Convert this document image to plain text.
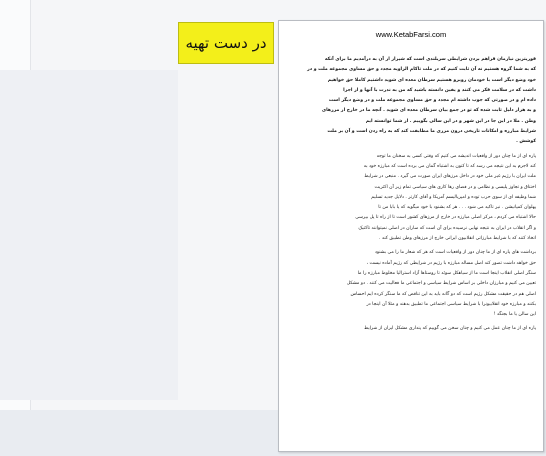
در دست تهیه	www.KetabFarsi.com
فوریترین نیازمان فراهم بردن شرایطی سربلندی است که شیراز از آن به درآمدیم ما برای آنکه
که به شما گروه هستیم نه آن ثابت کنیم که در ملت تاکام الزاویه مجدد و حق مساوی مجموعه ملت و در
خود وضع دیگر است با خودمان روبرو هستیم سرطان معده ای شوید داشتیم کاملا حق خواهیم
داشت که در سلامت فکر می کنند و یقین دانسته باشید که من به ندرت با آنها و از اجرا
داده ام و در صورتی که جوب داشته ام مجدد و حق مساوی مجموعه ملت و در وضع دیگر است
و به هزار دلیل ثابت شده که تو در جمع بیان سرطان معده ای شوید . آنچه ما در خارج از مرزهای
وطن . ملا در این جا در این شهر و در این سالی بگوییم . از شما توانسته ایم
شرایط مبارزه و امکانات تاریخی درون مرزی ما مطابقت کند که به راه زدن است و آن بر ملت
کوشش .
پاره ای از ما چنان دور از واقعیات اندیشه می کنیم که وقتی کسی به سخنان ما توجه
کند لاجرم به این نتیجه می رسد که تا کنون به اشتباه گمان می برده است که مبارزه خود به
ملت ایران با رژیم غیر ملی خود در داخل مرزهای ایران صورت می گیرد . منبعی در شرایط
اختناق و تجاوز پلیسی و نظامی و در فضای رها کاری های سیاسی تمام زیر آن اکثریت
شما وظیفه ای از سوی حزب توده و امپریالیسم آمریکا و آقای کارتر . دلایل جدید تسلیم
پهلوان کمپانیشن . نیز تاکید می شود . . . هر که بشنود با خود میگوید که یا بابا من تا
حالا اشتباه می کردم ، مرکز اصلی مبارزه در خارج از مرزهای کشور است تا از راه تا پل بپرسی
و اگر انقلاب در ایران به نتیجه نهایی نرسیده برای آن است که ساران در اصلی نمیتوانند تاکتیک
اتخاذ کنند که با شرایط مبارزاتی انقلابیون ایرانی خارج از مرزهای وطن تطبیق کند .
برداشت های پاره ای از ما چنان دور از واقعیات است که هر که شعار ما را می بشنود
حق خواهد داشت تصور کند اصل مساله مبارزه با رژیم در شرایطی که رژیم آماده نیست ،
سنگر اصلی انقلاب اینجا است ما از سیاهکل سوئد تا روستاها آزاد استرالیا مخلوط مبارزه را ما
تعیین می کنیم و مبارزان داخلی بر اساس شرایط سیاسی و اجتماعی ما فعالیت می کنند . دو مشکل
اصلی هم در حقیقت مشکل رژیم است که دو گانه باید به این تناقض که ما سنگر کرده ایم احساس
بکنند و مبارزه خود انقلابیونرا با شرایط سیاسی اجتماعی ما تطبیق بدهند و مثلا آن اینجا در
این سالن یا ما بجنگد !
پاره ای از ما چنان عمل می کنیم و چنان سخن می گوییم که پنداری مشکل ایران از شرایط
